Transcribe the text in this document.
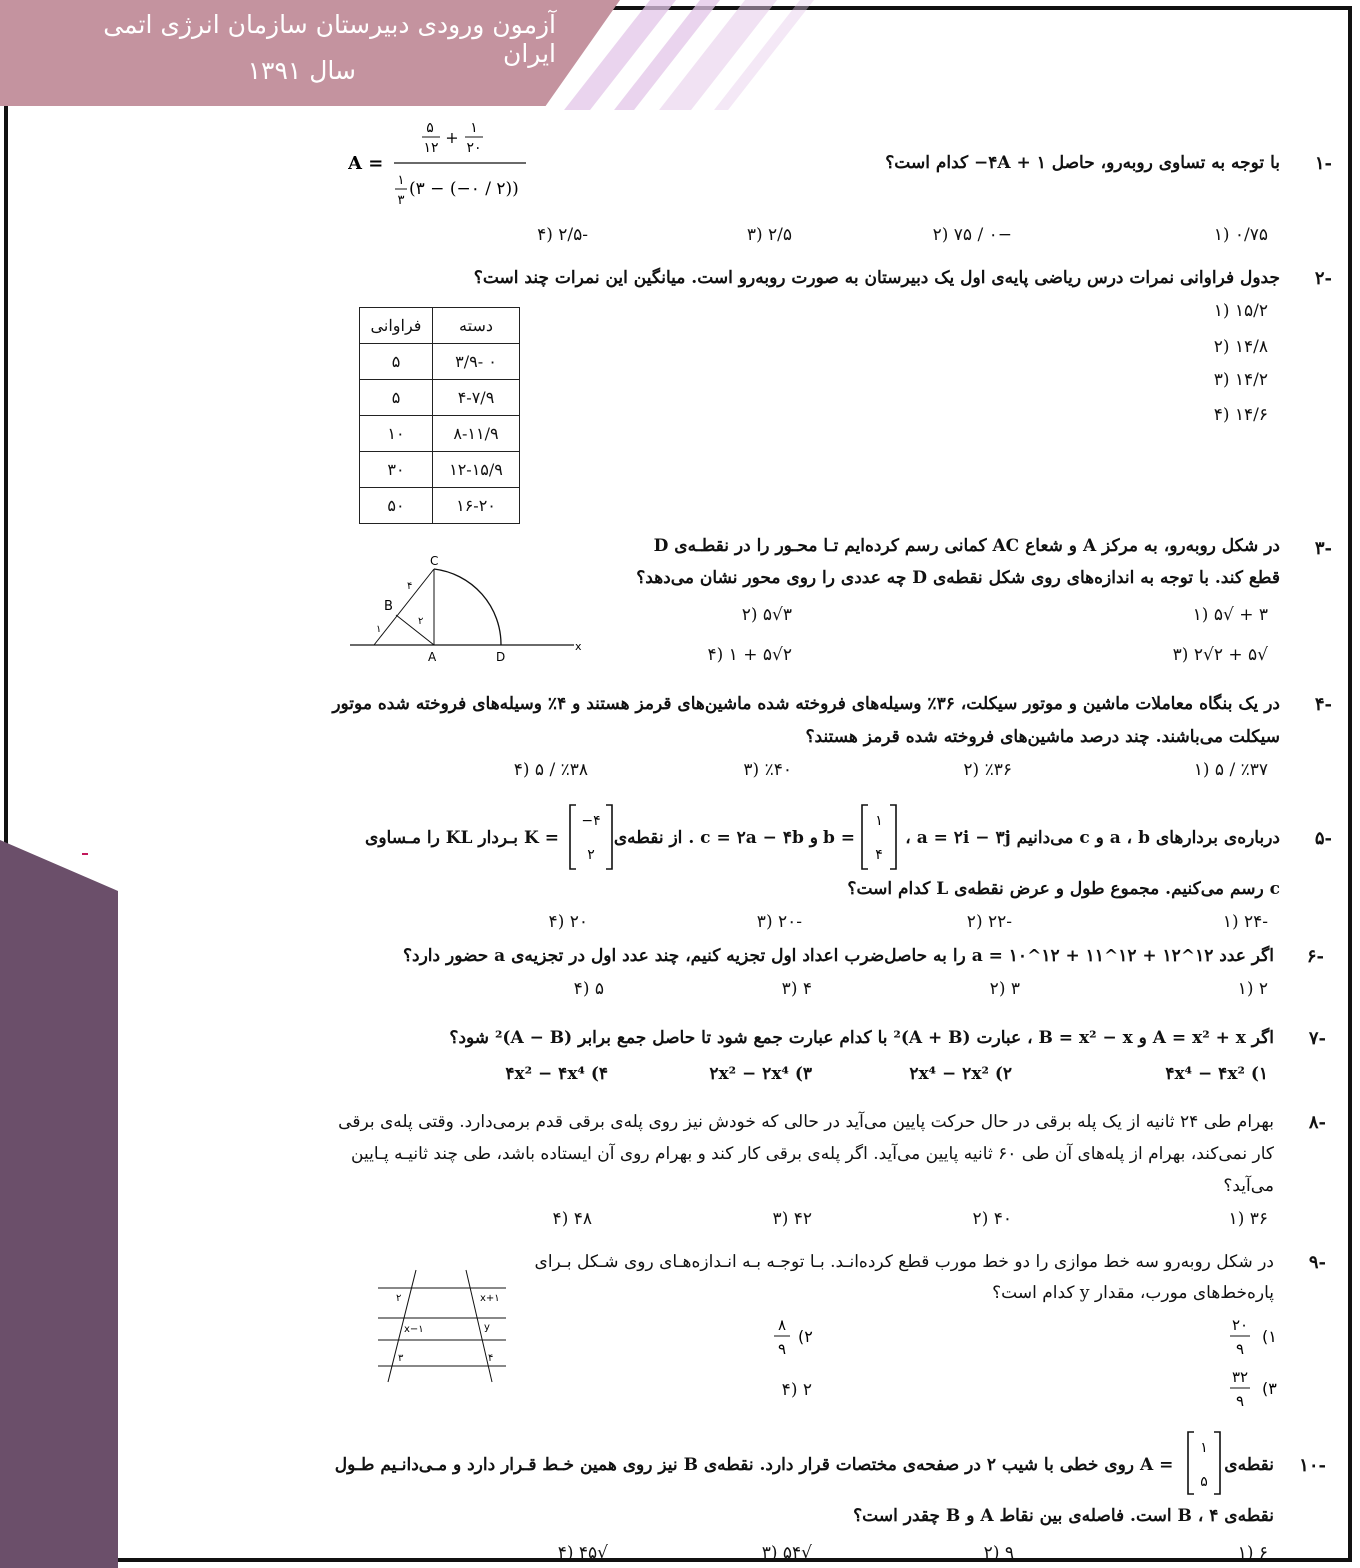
آزمون ورودی دبیرستان سازمان انرژی اتمی ایران
سال ۱۳۹۱
-۱
با توجه به تساوی روبه‌رو، حاصل ۱ + ۴A− کدام است؟
A =
۵
۱۲
+ ۱
۲۰
۱
۳
(۳ − (−۰ / ۲))
۰/۷۵ (۱
−۰ / ۷۵ (۲
۲/۵ (۳
-۲/۵ (۴
-۲
جدول فراوانی نمرات درس ریاضی پایه‌ی اول یک دبیرستان به صورت روبه‌رو است. میانگین این نمرات چند است؟
۱۵/۲ (۱
۱۴/۸ (۲
۱۴/۲ (۳
۱۴/۶ (۴
دسته	فراوانی
۰ -۳/۹	۵
۴-۷/۹	۵
۸-۱۱/۹	۱۰
۱۲-۱۵/۹	۳۰
۱۶-۲۰	۵۰
-۳
در شکل روبه‌رو، به مرکز A و شعاع AC کمانی رسم کرده‌ایم تـا محـور را در نقطـه‌ی D
قطع کند. با توجه به اندازه‌های روی شکل نقطه‌ی D چه عددی را روی محور نشان می‌دهد؟
۳ + √۵ (۱
۳√۵ (۲
√۵ + ۲√۲ (۳
۲√۵ + ۱ (۴
C
B
A	D
x
۴
۲
۱
-۴
در یک بنگاه معاملات ماشین و موتور سیکلت، ۳۶٪ وسیله‌های فروخته شده ماشین‌های قرمز هستند و ۴٪ وسیله‌های فروخته شده موتور
سیکلت می‌باشند. چند درصد ماشین‌های فروخته شده قرمز هستند؟
٪۳۷ / ۵ (۱
٪۳۶ (۲
٪۴۰ (۳
٪۳۸ / ۵ (۴
-۵
درباره‌ی بردارهای a ، b و c می‌دانیم a = ۲i − ۳j ،
b =
۱
۴
و c = ۲a − ۴b . از نقطه‌ی
K =
−۴
۲
بـردار KL را مـساوی
c رسم می‌کنیم. مجموع طول و عرض نقطه‌ی L کدام است؟
-۲۴ (۱
-۲۲ (۲
-۲۰ (۳
۲۰ (۴
-۶
اگر عدد ۱۲^۱۲ + ۱۲^۱۱ + ۱۲^۱۰ = a را به حاصل‌ضرب اعداد اول تجزیه کنیم، چند عدد اول در تجزیه‌ی a حضور دارد؟
۲ (۱
۳ (۲
۴ (۳
۵ (۴
-۷
اگر A = x² + x و B = x² − x ، عبارت (A + B)² با کدام عبارت جمع شود تا حاصل جمع برابر (A − B)² شود؟
۴x⁴ − ۴x² (۱
۲x⁴ − ۲x² (۲
۲x² − ۲x⁴ (۳
۴x² − ۴x⁴ (۴
-۸
بهرام طی ۲۴ ثانیه از یک پله برقی در حال حرکت پایین می‌آید در حالی که خودش نیز روی پله‌ی برقی قدم برمی‌دارد. وقتی پله‌ی برقی
کار نمی‌کند، بهرام از پله‌های آن طی ۶۰ ثانیه پایین می‌آید. اگر پله‌ی برقی کار کند و بهرام روی آن ایستاده باشد، طی چند ثانیـه پـایین
می‌آید؟
۳۶ (۱
۴۰ (۲
۴۲ (۳
۴۸ (۴
-۹
در شکل روبه‌رو سه خط موازی را دو خط مورب قطع کرده‌انـد. بـا توجـه بـه انـدازه‌هـای روی شـکل بـرای
پاره‌خط‌های مورب، مقدار y کدام است؟
۲
x−۱
۳
x+۱
y
۴
۲۰
۹
(۱
۸
۹
(۲
۳۲
۹
(۳
۲ (۴
-۱۰
نقطه‌ی
۱
۵
A =
روی خطی با شیب ۲ در صفحه‌ی مختصات قرار دارد. نقطه‌ی B نیز روی همین خـط قـرار دارد و مـی‌دانـیم طـول
نقطه‌ی B ، ۴ است. فاصله‌ی بین نقاط A و B چقدر است؟
۶ (۱
۹ (۲
√۵۴ (۳
√۴۵ (۴
